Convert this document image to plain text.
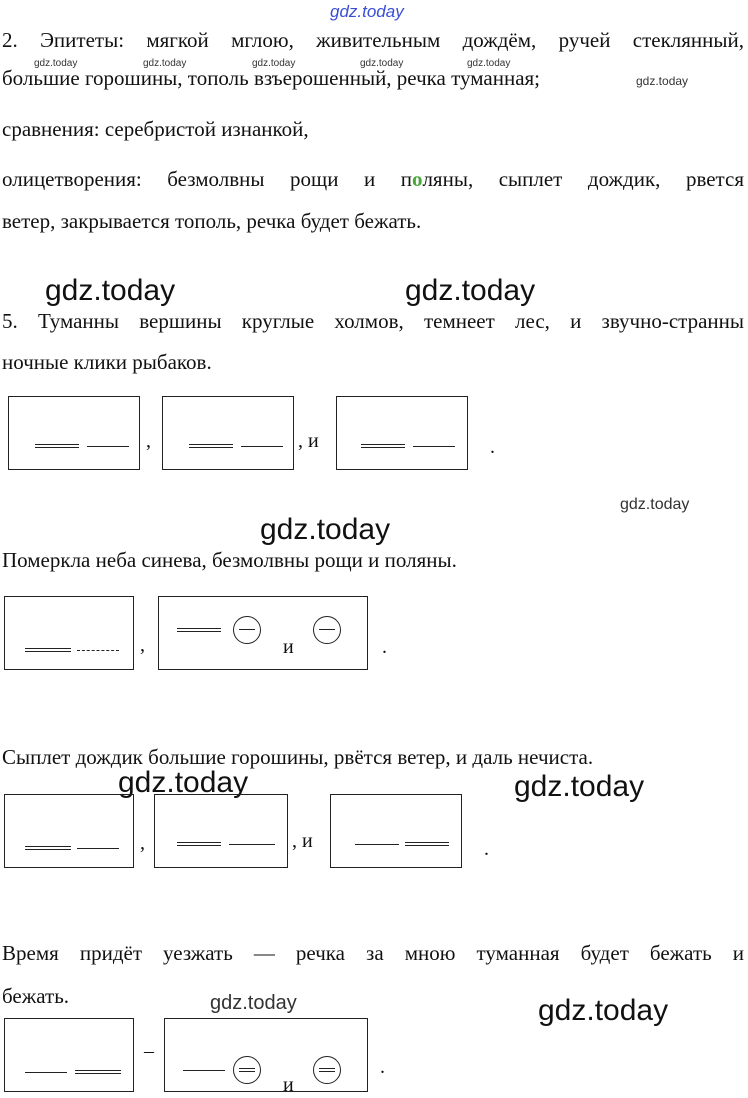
gdz.today
gdz.today	gdz.today	gdz.today	gdz.today	gdz.today
gdz.today
2. Эпитеты: мягкой мглою, живительным дождём, ручей стеклянный,
большие горошины, тополь взъерошенный, речка туманная;
сравнения: серебристой изнанкой,
олицетворения: безмолвны рощи и поляны, сыплет дождик, рвется
ветер, закрывается тополь, речка будет бежать.
gdz.today	gdz.today
5. Туманны вершины круглые холмов, темнеет лес, и звучно-странны
ночные клики рыбаков.
,	, и	.
gdz.today
gdz.today
Померкла неба синева, безмолвны рощи и поляны.
,	и	.
Сыплет дождик большие горошины, рвётся ветер, и даль нечиста.
gdz.today	gdz.today
,	, и	.
Время придёт уезжать — речка за мною туманная будет бежать и
бежать.	gdz.today	gdz.today
–
и
.
